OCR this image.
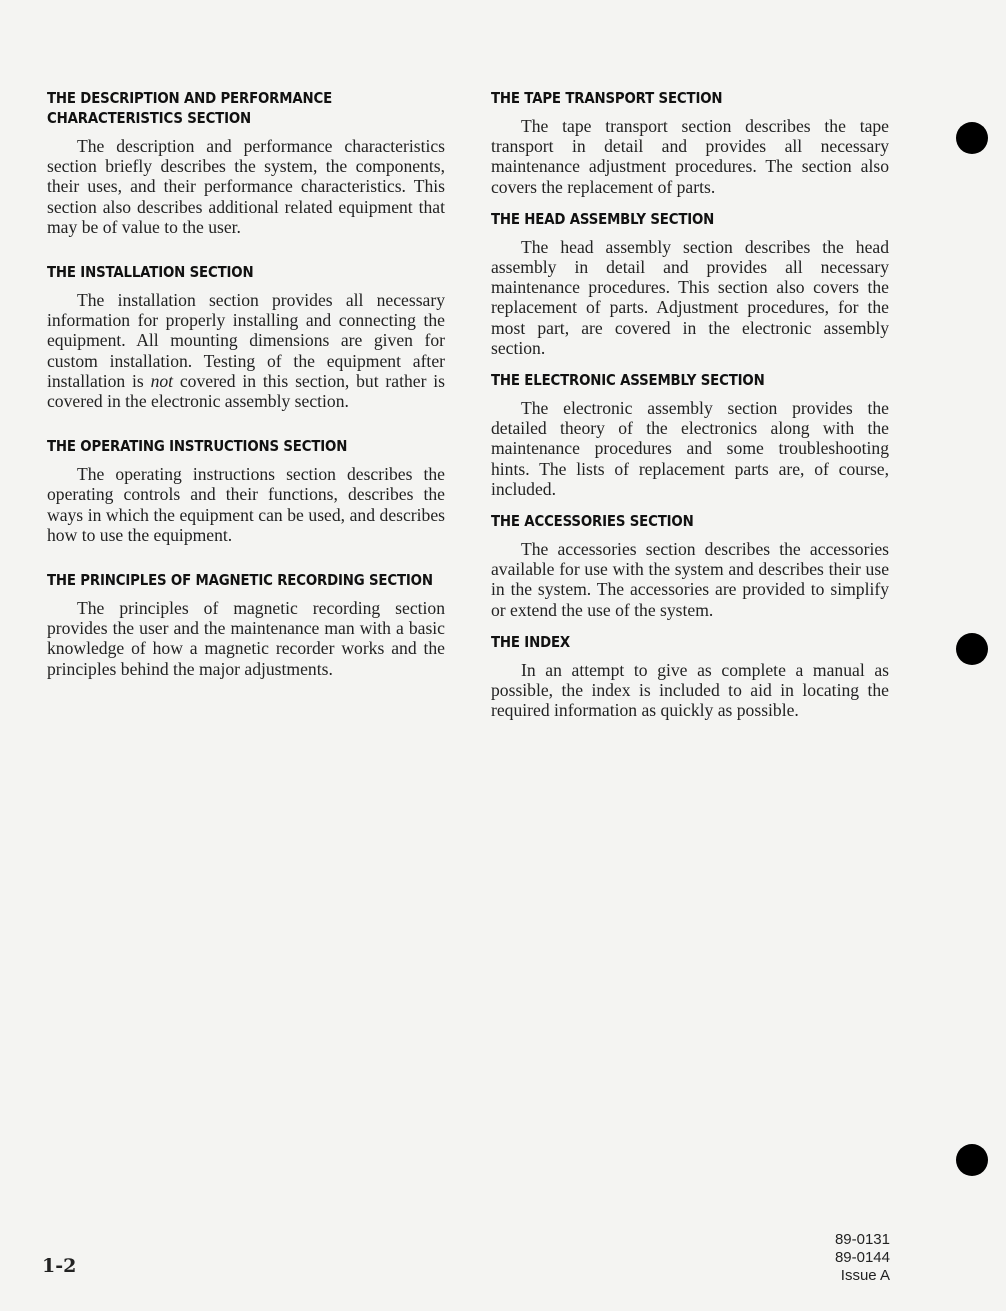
THE DESCRIPTION AND PERFORMANCE
CHARACTERISTICS SECTION

The description and performance characteristics section briefly describes the system, the components, their uses, and their performance characteristics. This section also describes additional related equipment that may be of value to the user.

THE INSTALLATION SECTION

The installation section provides all necessary information for properly installing and connecting the equipment. All mounting dimensions are given for custom installation. Testing of the equipment after installation is not covered in this section, but rather is covered in the electronic assembly section.

THE OPERATING INSTRUCTIONS SECTION

The operating instructions section describes the operating controls and their functions, describes the ways in which the equipment can be used, and describes how to use the equipment.

THE PRINCIPLES OF MAGNETIC RECORDING SECTION

The principles of magnetic recording section provides the user and the maintenance man with a basic knowledge of how a magnetic recorder works and the principles behind the major adjustments.

THE TAPE TRANSPORT SECTION

The tape transport section describes the tape transport in detail and provides all necessary maintenance adjustment procedures. The section also covers the replacement of parts.

THE HEAD ASSEMBLY SECTION

The head assembly section describes the head assembly in detail and provides all necessary maintenance procedures. This section also covers the replacement of parts. Adjustment procedures, for the most part, are covered in the electronic assembly section.

THE ELECTRONIC ASSEMBLY SECTION

The electronic assembly section provides the detailed theory of the electronics along with the maintenance procedures and some troubleshooting hints. The lists of replacement parts are, of course, included.

THE ACCESSORIES SECTION

The accessories section describes the accessories available for use with the system and describes their use in the system. The accessories are provided to simplify or extend the use of the system.

THE INDEX

In an attempt to give as complete a manual as possible, the index is included to aid in locating the required information as quickly as possible.

1-2
89-0131
89-0144
Issue A
